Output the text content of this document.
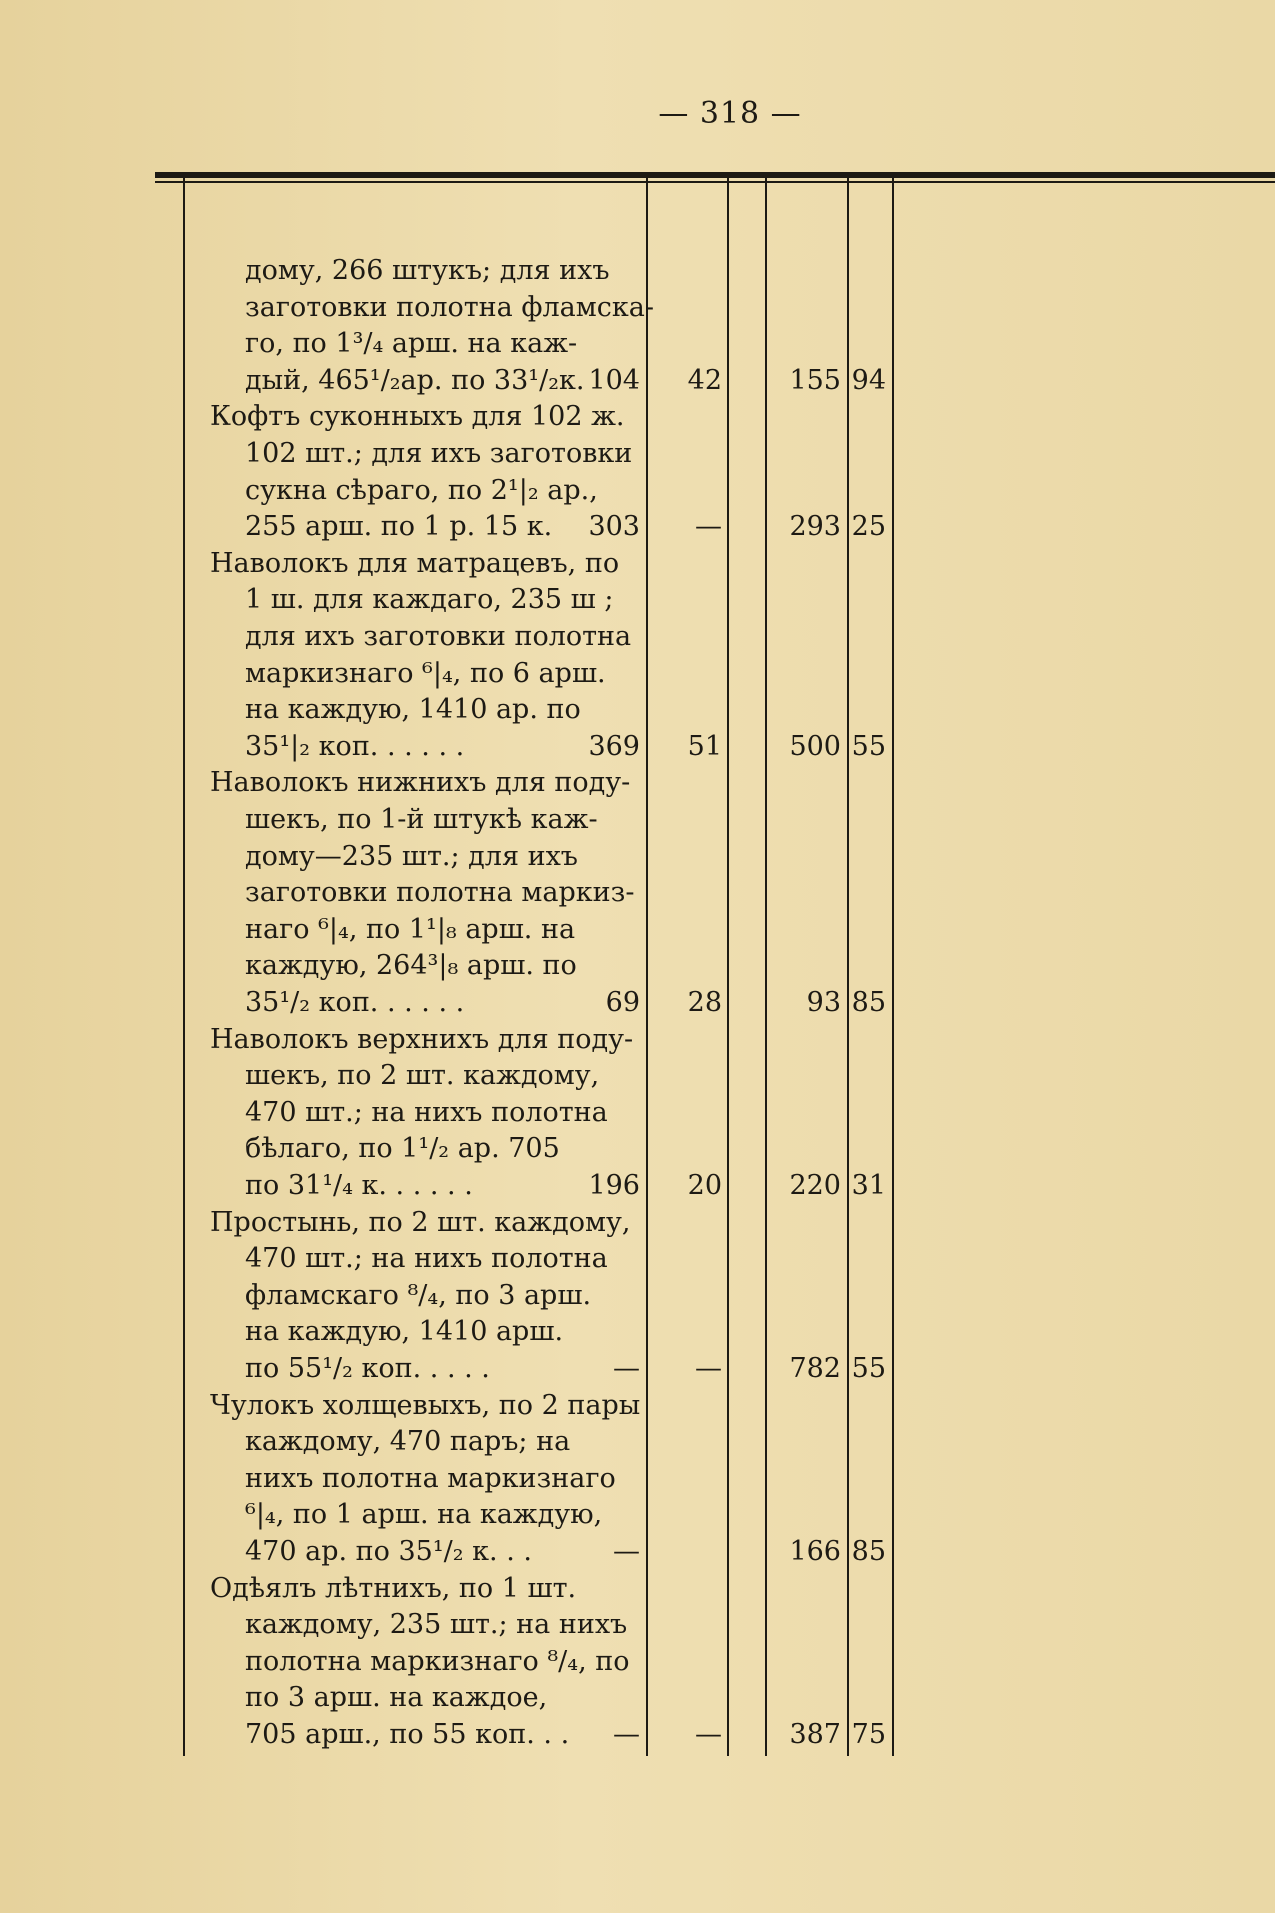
— 318 —
дому, 266 штукъ; для ихъ
заготовки полотна фламска-
го, по 1³/₄ арш. на каж-
дый, 465¹/₂ар. по 33¹/₂к. 104 42 155 94
Кофтъ суконныхъ для 102 ж.
102 шт.; для ихъ заготовки
сукна сѣраго, по 2¹|₂ ар.,
255 арш. по 1 р. 15 к. 303 — 293 25
Наволокъ для матрацевъ, по
1 ш. для каждаго, 235 ш ;
для ихъ заготовки полотна
маркизнаго ⁶|₄, по 6 арш.
на каждую, 1410 ар. по
35¹|₂ коп. . . . . .	369 51 500 55
Наволокъ нижнихъ для поду-
шекъ, по 1-й штукѣ каж-
дому—235 шт.; для ихъ
заготовки полотна маркиз-
наго ⁶|₄, по 1¹|₈ арш. на
каждую, 264³|₈ арш. по
35¹/₂ коп. . . . . .	69 28	93 85
Наволокъ верхнихъ для поду-
шекъ, по 2 шт. каждому,
470 шт.; на нихъ полотна
бѣлаго, по 1¹/₂ ар. 705
по 31¹/₄ к. . . . . .	196 20 220 31
Простынь, по 2 шт. каждому,
470 шт.; на нихъ полотна
фламскаго ⁸/₄, по 3 арш.
на каждую, 1410 арш.
по 55¹/₂ коп. . . . .	— — 782 55
Чулокъ холщевыхъ, по 2 пары
каждому, 470 паръ; на
нихъ полотна маркизнаго
⁶|₄, по 1 арш. на каждую,
470 ар. по 35¹/₂ к. . .	—	166 85
Одѣялъ лѣтнихъ, по 1 шт.
каждому, 235 шт.; на нихъ
полотна маркизнаго ⁸/₄, по
по 3 арш. на каждое,
705 арш., по 55 коп. . . — — 387 75
